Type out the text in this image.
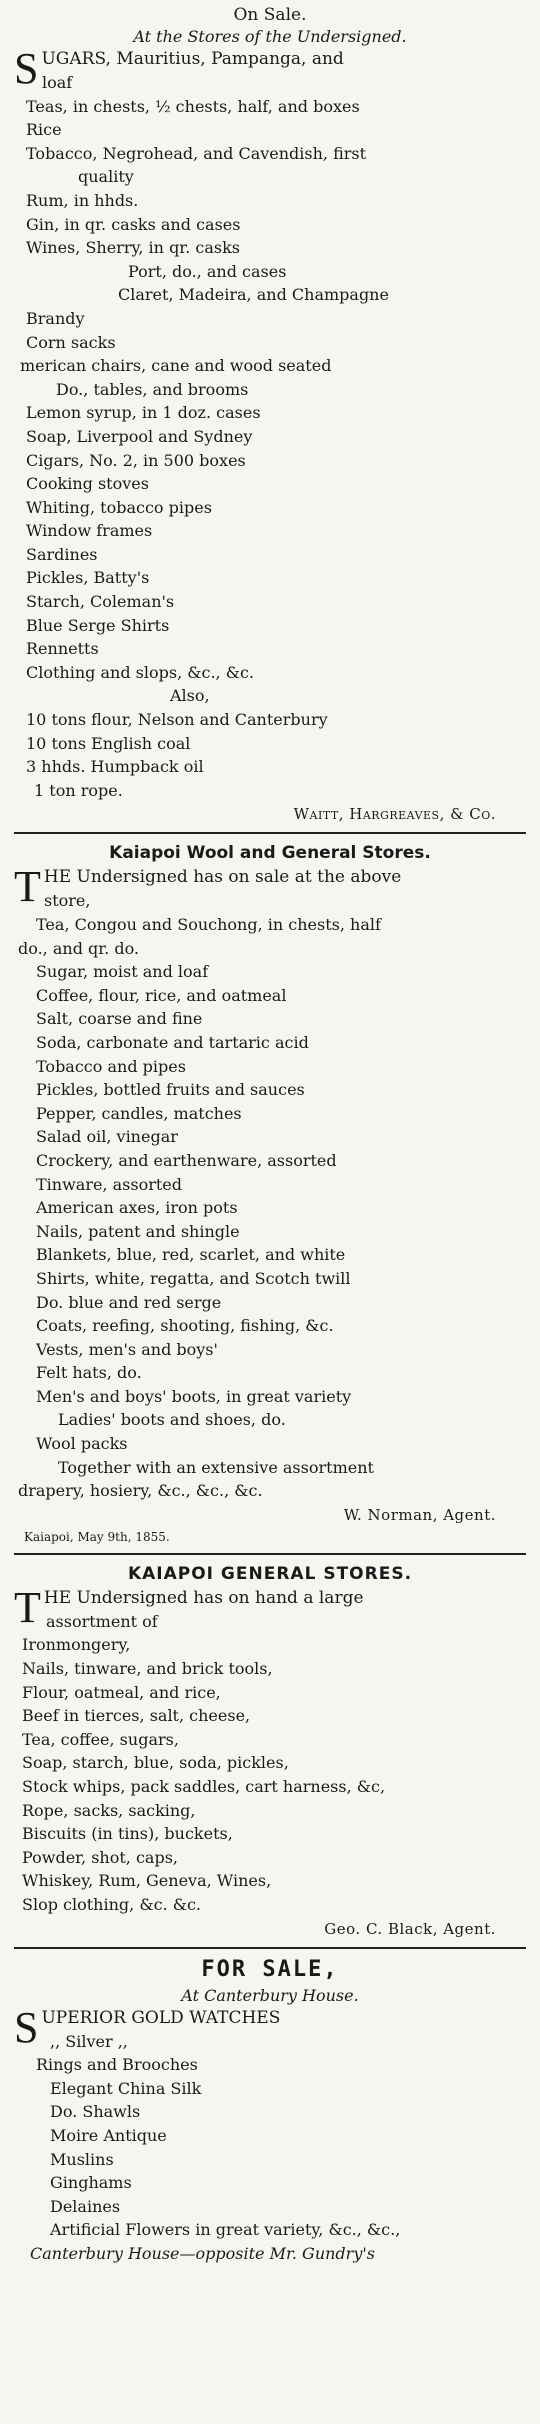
On Sale.
At the Stores of the Undersigned.
S UGARS, Mauritius, Pampanga, and
loaf
Teas, in chests, ½ chests, half, and boxes
Rice
Tobacco, Negrohead, and Cavendish, first
quality
Rum, in hhds.
Gin, in qr. casks and cases
Wines, Sherry, in qr. casks
Port, do., and cases
Claret, Madeira, and Champagne
Brandy
Corn sacks
merican chairs, cane and wood seated
Do., tables, and brooms
Lemon syrup, in 1 doz. cases
Soap, Liverpool and Sydney
Cigars, No. 2, in 500 boxes
Cooking stoves
Whiting, tobacco pipes
Window frames
Sardines
Pickles, Batty's
Starch, Coleman's
Blue Serge Shirts
Rennetts
Clothing and slops, &c., &c.
Also,
10 tons flour, Nelson and Canterbury
10 tons English coal
3 hhds. Humpback oil
1 ton rope.
Waitt, Hargreaves, & Co.
Kaiapoi Wool and General Stores.
T HE Undersigned has on sale at the above
store,
Tea, Congou and Souchong, in chests, half
do., and qr. do.
Sugar, moist and loaf
Coffee, flour, rice, and oatmeal
Salt, coarse and fine
Soda, carbonate and tartaric acid
Tobacco and pipes
Pickles, bottled fruits and sauces
Pepper, candles, matches
Salad oil, vinegar
Crockery, and earthenware, assorted
Tinware, assorted
American axes, iron pots
Nails, patent and shingle
Blankets, blue, red, scarlet, and white
Shirts, white, regatta, and Scotch twill
Do. blue and red serge
Coats, reefing, shooting, fishing, &c.
Vests, men's and boys'
Felt hats, do.
Men's and boys' boots, in great variety
Ladies' boots and shoes, do.
Wool packs
Together with an extensive assortment
drapery, hosiery, &c., &c., &c.
W. Norman, Agent.
Kaiapoi, May 9th, 1855.
KAIAPOI GENERAL STORES.
T HE Undersigned has on hand a large
assortment of
Ironmongery,
Nails, tinware, and brick tools,
Flour, oatmeal, and rice,
Beef in tierces, salt, cheese,
Tea, coffee, sugars,
Soap, starch, blue, soda, pickles,
Stock whips, pack saddles, cart harness, &c,
Rope, sacks, sacking,
Biscuits (in tins), buckets,
Powder, shot, caps,
Whiskey, Rum, Geneva, Wines,
Slop clothing, &c. &c.
Geo. C. Black, Agent.
FOR SALE,
At Canterbury House.
S UPERIOR GOLD WATCHES
,, Silver ,,
Rings and Brooches
Elegant China Silk
Do. Shawls
Moire Antique
Muslins
Ginghams
Delaines
Artificial Flowers in great variety, &c., &c.,
Canterbury House—opposite Mr. Gundry's
